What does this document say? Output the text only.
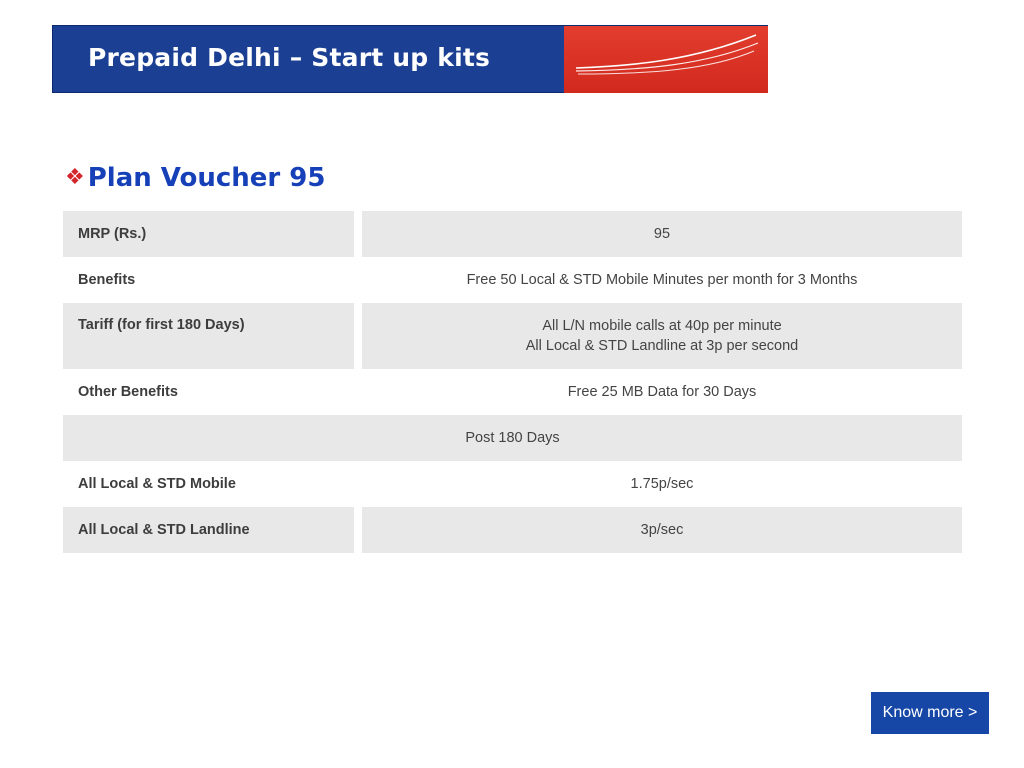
Prepaid Delhi – Start up kits
❖ Plan Voucher 95
MRP (Rs.)	95
Benefits	Free 50 Local & STD Mobile Minutes per month for 3 Months
Tariff (for first 180 Days)	All L/N mobile calls at 40p per minute
All Local & STD Landline at 3p per second
Other Benefits	Free 25 MB Data for 30 Days
Post 180 Days
All Local & STD Mobile	1.75p/sec
All Local & STD Landline	3p/sec
Know more >
